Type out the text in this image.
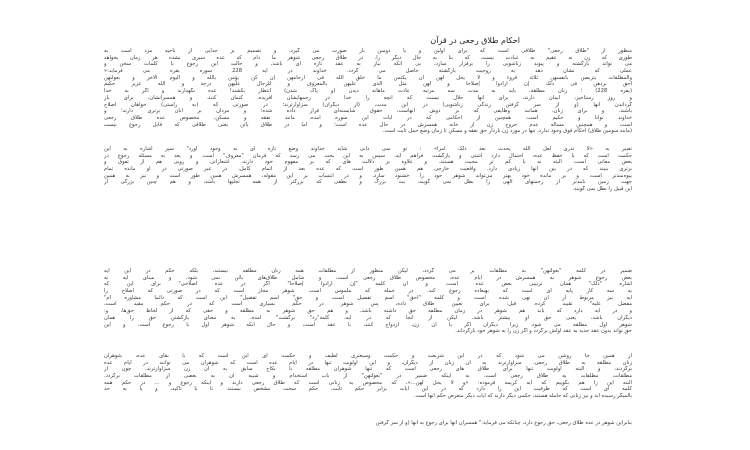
احکام طلاق رجعی در قرآن
منظور از "طلاق رجعی" طلاقی است که برای اولین و یا دومین بار صورت می گیرد، و تصمیم بر جدایی از ناحیه مرد است به
طوری که زن نه عقیم به عبادت نیست که بنا به حال دیگر را. در طلاق رجعی شوهر ما دام که عده سپری نشده هر زمان بخواهد
می تواند بازگشته و پیوند زناشویی را برقرار سازد، بی آنکه نیاز به عقد تازه ای باشد، و حالت این رجوع با کلمات سخن و
عملی که نشان دهد به زوجیت بازگشته حاصل می گردد. خداوند در آیه 228 سوره بقره می فرماید:«
والمطلقات یتربصن بأنفسهن ثلاثة قروء و لا یحل لهن أن یکتمن ما خلق الله فی أرحامهن إن کن یؤمن بالله و الیوم الآخر و بعولتهن
أحق بردهن فی ذلک إن أرادوا إصلاحا و لهن مثل الذی علیهن بالمعروف و للرجال علیهن درجة و الله عزیز حکیم
(بقره 228) ؛ زنان مطلقه، باید به مدت سه مرتبه عادت ماهانه دیدن (و پاک شدن) انتظار بکشند! عده نگهدارند و اگر به خدا
و روز رستاخیز، ایمان دارند، برای آنها حلال نیست که آنچه را خدا در رحمهایشان آفریده، کتمان کنند. و همسرانشان، برای باز
گرداندن آنها (و از سر گرفتن زندگی زناشویی) در این مدت، (از دیگران) سزاوارترند؛ در صورتی که (به راستی) خواهان اصلاح
باشند. و برای زنان، همانند وظایفی که بر دوش آنهاست، حقوق شایسته‌ای قرار داده شده؛ و مردان بر آنان برتری دارند؛ و
خداوند توانا و حکیم است. همچنین از احکامی که در آیات این سوره آمده، مانند نفقه و مسکن، مخصوص عده طلاق رجعی
است، و همچنین مسأله عدم خروج زن از خانه همسرش در حال عده است؛ و اما در طلاق بائن یعنی طلاقی که قابل رجوع نیست
(مانند سومین طلاق) احکام فوق وجود ندارد، تنها در مورد زن باردار حق نفقه و مسکن تا زمان وضع حمل ثابت است.
تعبیر به «لا تدری لعل الله یحدث بعد ذلک أمرا» : تو نمی دانی شاید خداوند وضع تازه ای به وجود آورد" سپر اشاره به این
حکمت است که با حفظ عده، احتمال دارد آشتی و بازگشت فراهم آید. سپس به این بحث می رسد که فرمان "معروف" است. و بعد به مسئله رجوع در
بعض معانی است، البته نه با کم تر محبت هستند. و علاوه بر دلالت های که بر مفهوم خود دارند، اشعاراتی و رویی هم از تفوق و
برتری ببیند که در بین آنها زیادی دارد. واقعیت خارجی هم همین طور است که عده بعد از اتمام کامل، در غیر صورتی در او مانده تمام
بیوه‌مندتر است، و بر مانده خود بهتر می‌تواند شوهر خود را خشنود سازد، و در انتساب بر این مقوله، همسرش همین طور است و نیز به همین
جهت زمین نامدتر از رحمتهای الهی را بطل نمی گویند، بت بزرگ و نطقی که بزرگتر از همه تجلیها باشد، و هم چنین بزرگی از
این قبیل را بطل نمی گویند.
ضمیر در کلمه "بعولتهن" به مطلقات بر می گردد، لیکن منظور از مطلقات همه زنان مطلقه نیستند، بلکه حکم در این آیه
بعض رجوع شوهر به همسرش در ایام عده، مخصوص طلاق رجعی است، و شامل طلاق‌های بائن نمی شود، و مبنای آیه به
اشاره "ذلک" همان ترتیبی بعض عده است، و آن کلمه "إن أرادوا إصلاحا" اگر در عده اصلاحی" برای این که
به سه کار پایه ای است که بهبعاده رجوع کند. در جمله که ملموس است، شوهر مجاز است که در صورتی که اصلاح را
آیه نیز مربوط از آن نهی شده است، و کلمه "أحق" اسم تفضیل است، و حق" اسم تفضیل" این است که دائما مشاوره ام"
مفضل علیه" تقیید کرده. قیل: برای تعیین طلاق داده، پس شوهر در حکم بسیاری است که در حکم مقید است،
و در آیه دارد که باید هم شوهر در زمان مطلقه حق داشته باشد، و هم حق شوهر به مطلقه و حقی که از لحاظ حق‌ها، و:
دیگران باشد، یعنی حق او بیشتر باشد. لیکن از آنجا که در آیه، کلمه"رد" برگشت" آمده، به معنای بازگشتن حق را همان
شوهر اول مطلقه می شود. زیرا دیگران اگر با آن زن، ازدواج کنند، با عقد است، و حال آنکه شوهر اول با رجوع است، و این
حق تواند بدون عقد جدید به عقد اولش برگردد و اگر زن را به شوهر خود بازگرداند.
از همین جا روشن می شود که در این شریعت و حکمت وسیعتری لطیف و حکمت ای این است که با بقای عده، شوهران
زنان مطلقه به طلاق رجعی، سزاوارترند به آن زنان از دیگران، و این اولویت تنها در ایام عده است که شوهران می توانند در ایام عده
برگردند، و البته اولویت تنها برای طلاق های رجعی است که تنها شوهران مطلقه با نکاح سابق به آن زن سزاوارترند، چون از
مطلقات، مطلقات به طلاق رجعی است. به اینکه ضمیر در "بعولتهن" از باب استخدام و شبیه آن به بعضی از مطلقات برگردد.
البته این را هم بگوییم که آیه کریمه فرموده: «و لا یحل لهن...»، که مخصوص به زنانی است که طلاق رجعی دارند و اینکه رجوع و ... در حکم همه
کلمه ای است که ظرفیت این را دارد که در این آیات برابر حکم ثابت، حکم سخت مشخص نیستند. تا با تأکید، و یا به حد
بالمیگر رسیده اند و نیز زنانی که حامله هستند، حکمی دیگر دارند که آیات دیگر متعرض حکم آنها است.
بنابراین شوهر در عده طلاق رجعی، حق رجوع دارد، چنانکه می فرماید:" همسران آنها برای رجوع به آنها (و از سر گرفتن
